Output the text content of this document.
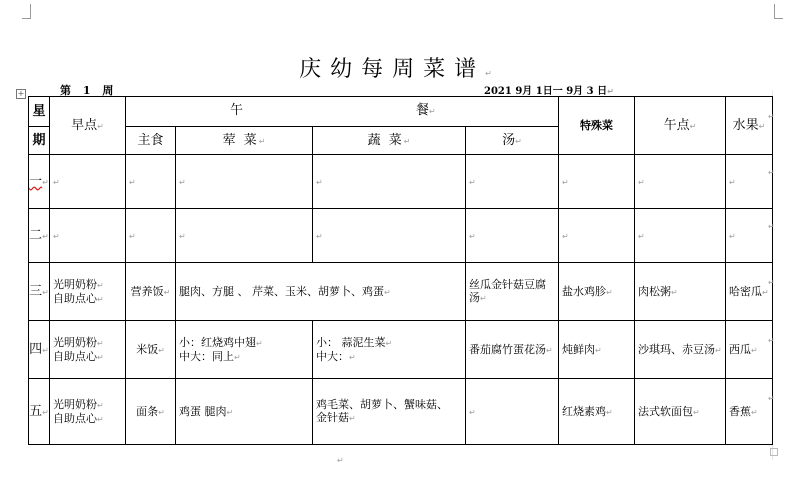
庆幼每周菜谱↵
第 1 周	2021 9月 1日一 9月 3 日↵
+
星	早点↵	午 餐↵				特殊菜	午点↵	水果↵
期		主食	荤 菜↵	蔬 菜↵	汤↵			
一↵	↵	↵	↵	↵	↵	↵	↵	↵
二↵	↵	↵	↵	↵	↵	↵	↵	↵
三↵	光明奶粉↵
自助点心↵	营养饭↵	腿肉、方腿 、 芹菜、玉米、胡萝卜、鸡蛋↵		丝瓜金针菇豆腐
汤↵	盐水鸡胗↵	肉松粥↵	哈密瓜↵
四↵	光明奶粉↵
自助点心↵	米饭↵	小：红烧鸡中翅↵
中大：同上↵	小： 蒜泥生菜↵
中大：↵	番茄腐竹蛋花汤↵	炖鲜肉↵	沙琪玛、赤豆汤↵	西瓜↵
五↵	光明奶粉↵
自助点心↵	面条↵	鸡蛋 腿肉↵	鸡毛菜、胡萝卜、蟹味菇、
金针菇↵	↵	红烧素鸡↵	法式软面包↵	香蕉↵
↵
↵
↵
↵
↵
↵
↵
